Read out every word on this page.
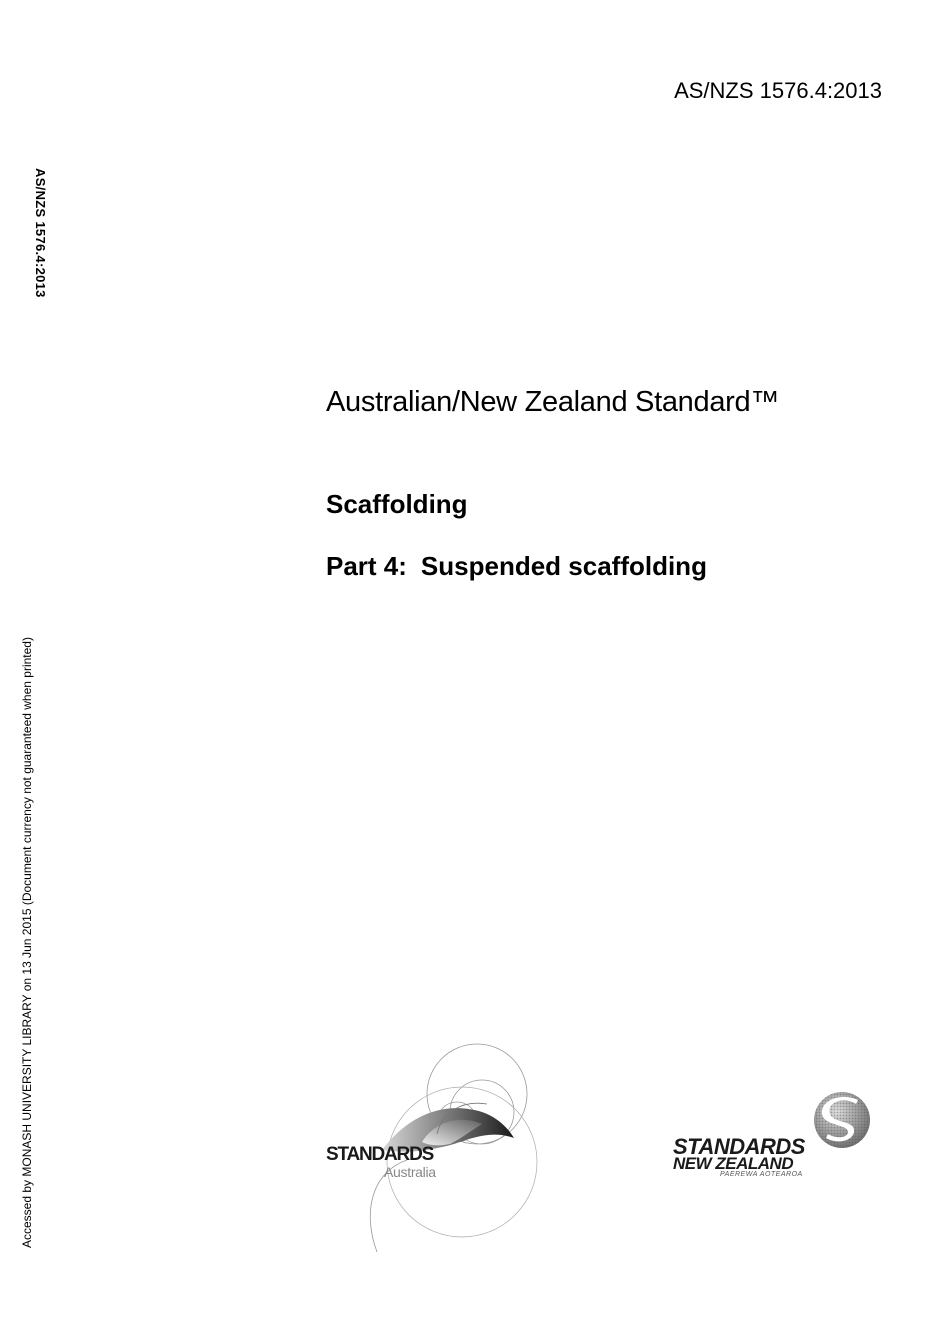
AS/NZS 1576.4:2013
AS/NZS 1576.4:2013
Accessed by MONASH UNIVERSITY LIBRARY on 13 Jun 2015 (Document currency not guaranteed when printed)
Australian/New Zealand Standard™
Scaffolding
Part 4: Suspended scaffolding
STANDARDS
Australia
STANDARDS
NEW ZEALAND
PAEREWA AOTEAROA
